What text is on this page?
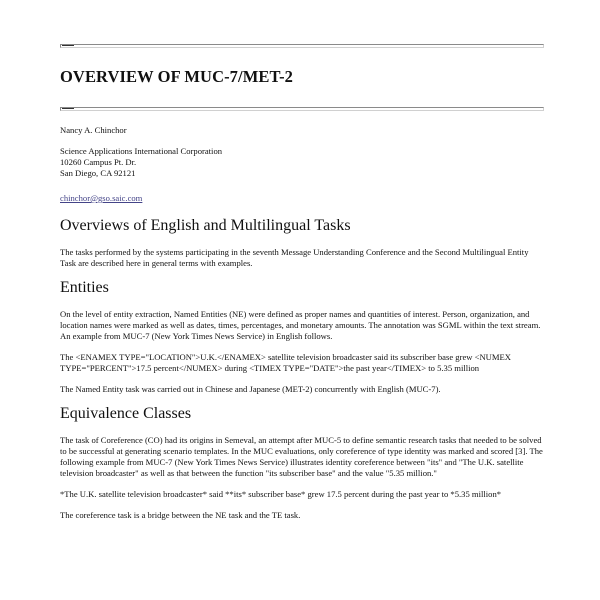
OVERVIEW OF MUC-7/MET-2

Nancy A. Chinchor

Science Applications International Corporation
10260 Campus Pt. Dr.
San Diego, CA 92121
chinchor@gso.saic.com
Overviews of English and Multilingual Tasks

The tasks performed by the systems participating in the seventh Message Understanding Conference and the Second Multilingual Entity Task are described here in general terms with examples.

Entities

On the level of entity extraction, Named Entities (NE) were defined as proper names and quantities of interest. Person, organization, and location names were marked as well as dates, times, percentages, and monetary amounts. The annotation was SGML within the text stream. An example from MUC-7 (New York Times News Service) in English follows.

The <ENAMEX TYPE="LOCATION">U.K.</ENAMEX> satellite television broadcaster said its subscriber base grew <NUMEX TYPE="PERCENT">17.5 percent</NUMEX> during <TIMEX TYPE="DATE">the past year</TIMEX> to 5.35 million

The Named Entity task was carried out in Chinese and Japanese (MET-2) concurrently with English (MUC-7).

Equivalence Classes

The task of Coreference (CO) had its origins in Semeval, an attempt after MUC-5 to define semantic research tasks that needed to be solved to be successful at generating scenario templates. In the MUC evaluations, only coreference of type identity was marked and scored [3]. The following example from MUC-7 (New York Times News Service) illustrates identity coreference between "its" and "The U.K. satellite television broadcaster" as well as that between the function "its subscriber base" and the value "5.35 million."

*The U.K. satellite television broadcaster* said **its* subscriber base* grew 17.5 percent during the past year to *5.35 million*

The coreference task is a bridge between the NE task and the TE task.
